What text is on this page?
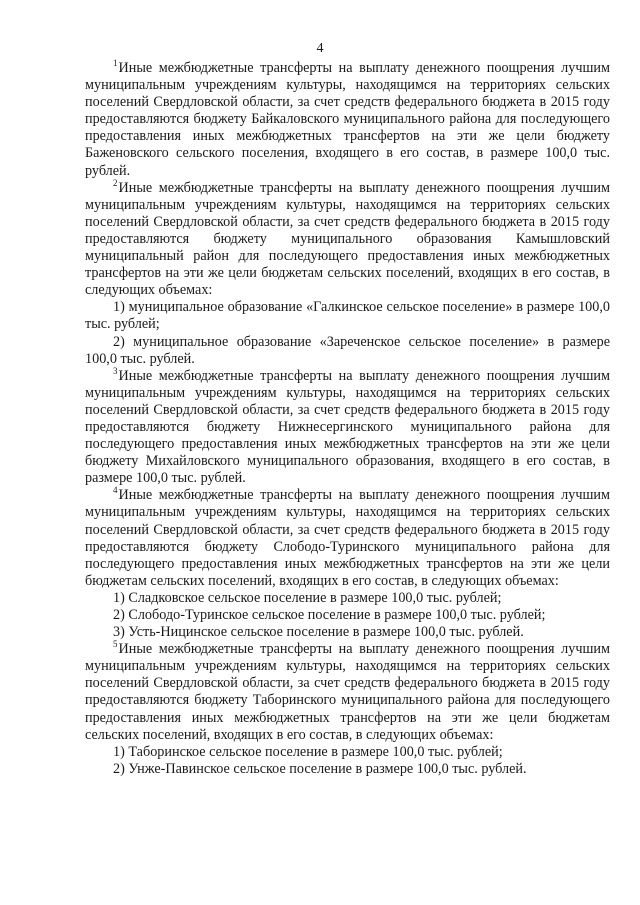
4

$^1$Иные межбюджетные трансферты на выплату денежного поощрения лучшим муниципальным учреждениям культуры, находящимся на территориях сельских поселений Свердловской области, за счет средств федерального бюджета в 2015 году предоставляются бюджету Байкаловского муниципального района для последующего предоставления иных межбюджетных трансфертов на эти же цели бюджету Баженовского сельского поселения, входящего в его состав, в размере 100,0 тыс. рублей.

$^2$Иные межбюджетные трансферты на выплату денежного поощрения лучшим муниципальным учреждениям культуры, находящимся на территориях сельских поселений Свердловской области, за счет средств федерального бюджета в 2015 году предоставляются бюджету муниципального образования Камышловский муниципальный район для последующего предоставления иных межбюджетных трансфертов на эти же цели бюджетам сельских поселений, входящих в его состав, в следующих объемах:

1) муниципальное образование «Галкинское сельское поселение» в размере 100,0 тыс. рублей;

2) муниципальное образование «Зареченское сельское поселение» в размере 100,0 тыс. рублей.

$^3$Иные межбюджетные трансферты на выплату денежного поощрения лучшим муниципальным учреждениям культуры, находящимся на территориях сельских поселений Свердловской области, за счет средств федерального бюджета в 2015 году предоставляются бюджету Нижнесергинского муниципального района для последующего предоставления иных межбюджетных трансфертов на эти же цели бюджету Михайловского муниципального образования, входящего в его состав, в размере 100,0 тыс. рублей.

$^4$Иные межбюджетные трансферты на выплату денежного поощрения лучшим муниципальным учреждениям культуры, находящимся на территориях сельских поселений Свердловской области, за счет средств федерального бюджета в 2015 году предоставляются бюджету Слободо-Туринского муниципального района для последующего предоставления иных межбюджетных трансфертов на эти же цели бюджетам сельских поселений, входящих в его состав, в следующих объемах:

1) Сладковское сельское поселение в размере 100,0 тыс. рублей;

2) Слободо-Туринское сельское поселение в размере 100,0 тыс. рублей;

3) Усть-Ницинское сельское поселение в размере 100,0 тыс. рублей.

$^5$Иные межбюджетные трансферты на выплату денежного поощрения лучшим муниципальным учреждениям культуры, находящимся на территориях сельских поселений Свердловской области, за счет средств федерального бюджета в 2015 году предоставляются бюджету Таборинского муниципального района для последующего предоставления иных межбюджетных трансфертов на эти же цели бюджетам сельских поселений, входящих в его состав, в следующих объемах:

1) Таборинское сельское поселение в размере 100,0 тыс. рублей;

2) Унже-Павинское сельское поселение в размере 100,0 тыс. рублей.
